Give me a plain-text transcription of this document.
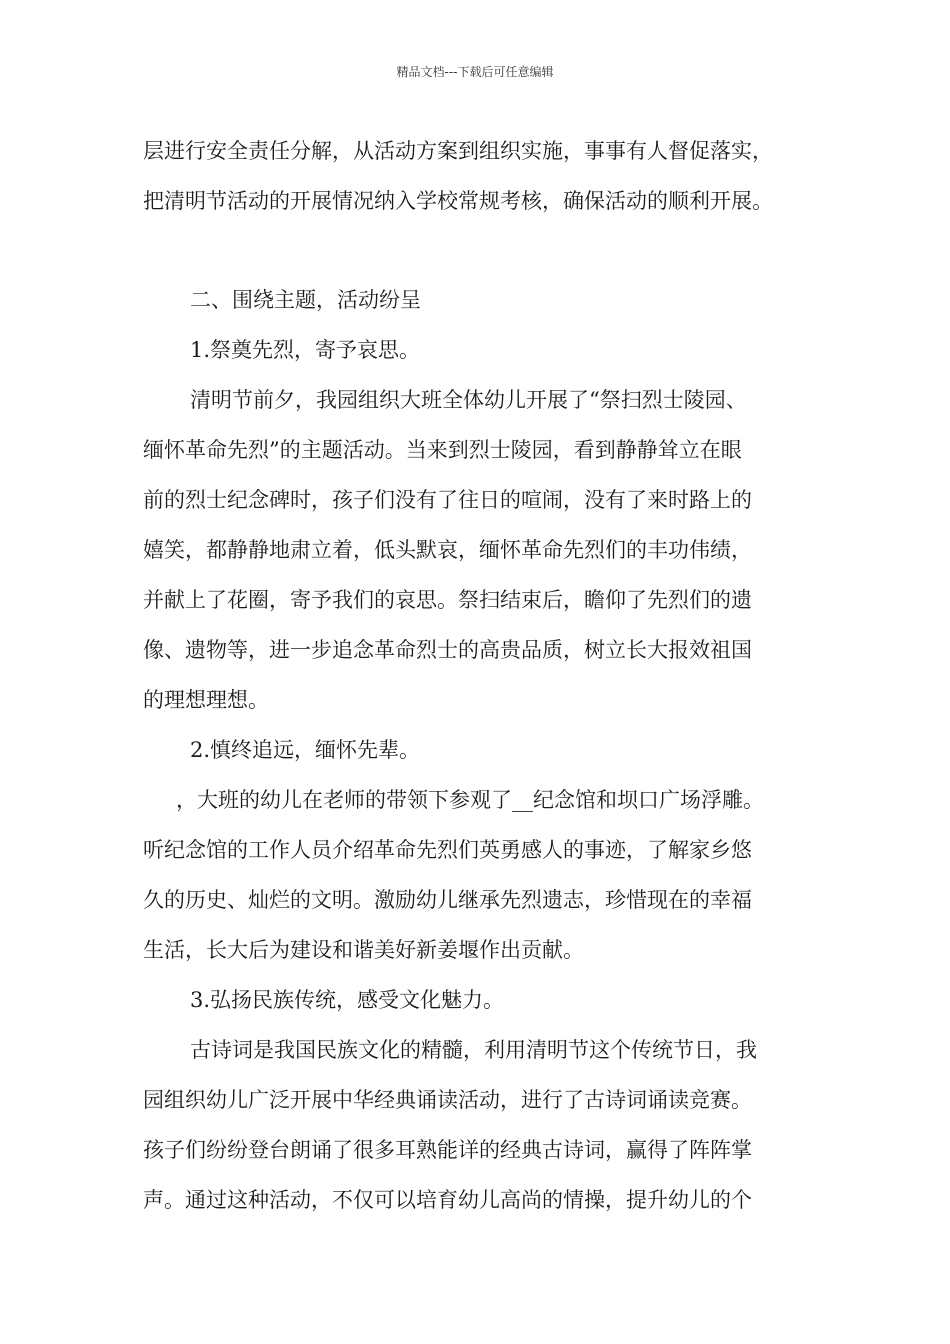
精品文档---下载后可任意编辑
层进行安全责任分解，从活动方案到组织实施，事事有人督促落实，
把清明节活动的开展情况纳入学校常规考核，确保活动的顺利开展。
二、围绕主题，活动纷呈
1.祭奠先烈，寄予哀思。
清明节前夕，我园组织大班全体幼儿开展了“祭扫烈士陵园、
缅怀革命先烈”的主题活动。当来到烈士陵园，看到静静耸立在眼
前的烈士纪念碑时，孩子们没有了往日的喧闹，没有了来时路上的
嬉笑，都静静地肃立着，低头默哀，缅怀革命先烈们的丰功伟绩，
并献上了花圈，寄予我们的哀思。祭扫结束后，瞻仰了先烈们的遗
像、遗物等，进一步追念革命烈士的高贵品质，树立长大报效祖国
的理想理想。
2.慎终追远，缅怀先辈。
，大班的幼儿在老师的带领下参观了__纪念馆和坝口广场浮雕。
听纪念馆的工作人员介绍革命先烈们英勇感人的事迹，了解家乡悠
久的历史、灿烂的文明。激励幼儿继承先烈遗志，珍惜现在的幸福
生活，长大后为建设和谐美好新姜堰作出贡献。
3.弘扬民族传统，感受文化魅力。
古诗词是我国民族文化的精髓，利用清明节这个传统节日，我
园组织幼儿广泛开展中华经典诵读活动，进行了古诗词诵读竞赛。
孩子们纷纷登台朗诵了很多耳熟能详的经典古诗词，赢得了阵阵掌
声。通过这种活动，不仅可以培育幼儿高尚的情操，提升幼儿的个
